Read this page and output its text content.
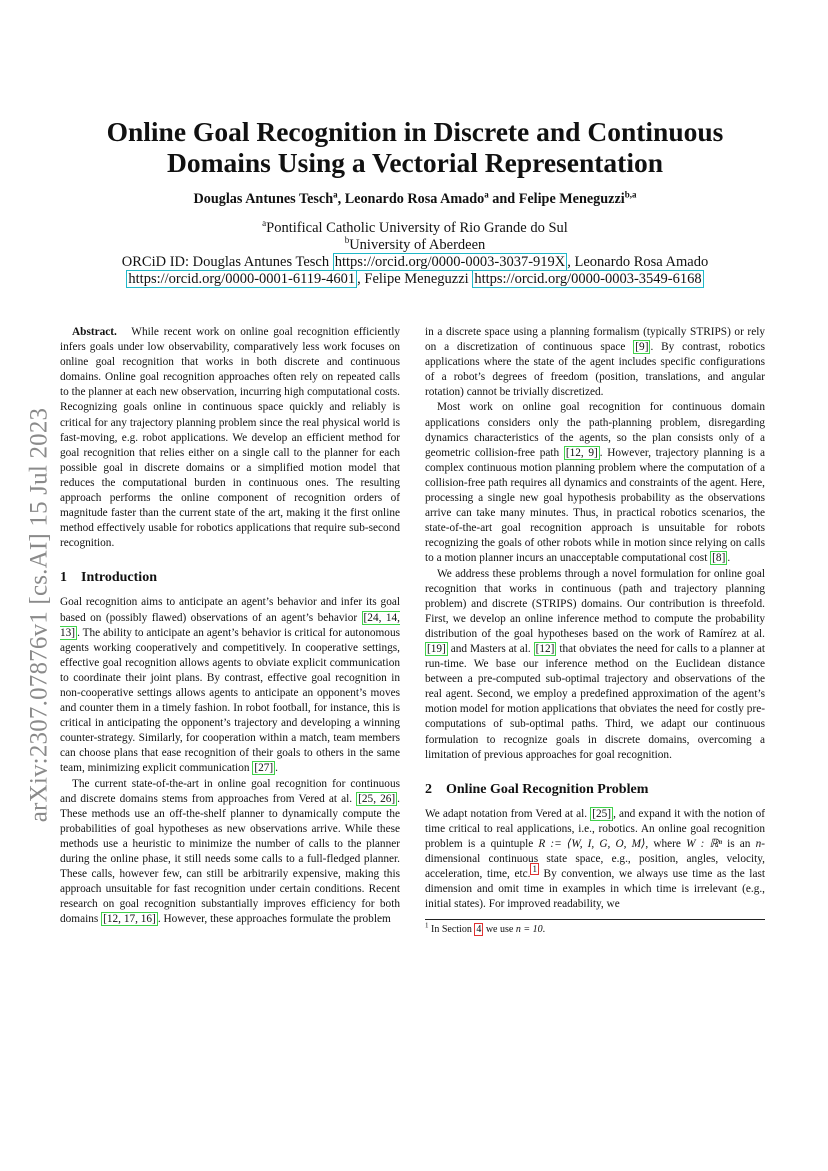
arXiv:2307.07876v1 [cs.AI] 15 Jul 2023
Online Goal Recognition in Discrete and Continuous
Domains Using a Vectorial Representation
Douglas Antunes Tesch$^a$, Leonardo Rosa Amado$^a$ and Felipe Meneguzzi$^{b,a}$
$^a$Pontifical Catholic University of Rio Grande do Sul
$^b$University of Aberdeen
ORCiD ID: Douglas Antunes Tesch https://orcid.org/0000-0003-3037-919X , Leonardo Rosa Amado https://orcid.org/0000-0001-6119-4601 , Felipe Meneguzzi https://orcid.org/0000-0003-3549-6168

Abstract. While recent work on online goal recognition efficiently infers goals under low observability, comparatively less work focuses on online goal recognition that works in both discrete and continuous domains. Online goal recognition approaches often rely on repeated calls to the planner at each new observation, incurring high computational costs. Recognizing goals online in continuous space quickly and reliably is critical for any trajectory planning problem since the real physical world is fast-moving, e.g. robot applications. We develop an efficient method for goal recognition that relies either on a single call to the planner for each possible goal in discrete domains or a simplified motion model that reduces the computational burden in continuous ones. The resulting approach performs the online component of recognition orders of magnitude faster than the current state of the art, making it the first online method effectively usable for robotics applications that require sub-second recognition.

1 Introduction

Goal recognition aims to anticipate an agent’s behavior and infer its goal based on (possibly flawed) observations of an agent’s behavior [24, 14, 13] . The ability to anticipate an agent’s behavior is critical for autonomous agents working cooperatively and competitively. In cooperative settings, effective goal recognition allows agents to obviate explicit communication to coordinate their joint plans. By contrast, effective goal recognition in non-cooperative settings allows agents to anticipate an opponent’s moves and counter them in a timely fashion. In robot football, for instance, this is critical in anticipating the opponent’s trajectory and developing a winning counter-strategy. Similarly, for cooperation within a match, team members can choose plans that ease recognition of their goals to others in the same team, minimizing explicit communication [27] .

The current state-of-the-art in online goal recognition for continuous and discrete domains stems from approaches from Vered at al. [25, 26] . These methods use an off-the-shelf planner to dynamically compute the probabilities of goal hypotheses as new observations arrive. While these methods use a heuristic to minimize the number of calls to the planner during the online phase, it still needs some calls to a full-fledged planner. These calls, however few, can still be arbitrarily expensive, making this approach unsuitable for fast recognition under certain conditions. Recent research on goal recognition substantially improves efficiency for both domains [12, 17, 16] . However, these approaches formulate the problem

in a discrete space using a planning formalism (typically STRIPS) or rely on a discretization of continuous space [9] . By contrast, robotics applications where the state of the agent includes specific configurations of a robot’s degrees of freedom (position, translations, and angular rotation) cannot be trivially discretized.

Most work on online goal recognition for continuous domain applications considers only the path-planning problem, disregarding dynamics characteristics of the agents, so the plan consists only of a geometric collision-free path [12, 9] . However, trajectory planning is a complex continuous motion planning problem where the computation of a collision-free path requires all dynamics and constraints of the agent. Here, processing a single new goal hypothesis probability as the observations arrive can take many minutes. Thus, in practical robotics scenarios, the state-of-the-art goal recognition approach is unsuitable for robots recognizing the goals of other robots while in motion since relying on calls to a motion planner incurs an unacceptable computational cost [8] .

We address these problems through a novel formulation for online goal recognition that works in continuous (path and trajectory planning problem) and discrete (STRIPS) domains. Our contribution is threefold. First, we develop an online inference method to compute the probability distribution of the goal hypotheses based on the work of Ramírez at al. [19] and Masters at al. [12] that obviates the need for calls to a planner at run-time. We base our inference method on the Euclidean distance between a pre-computed sub-optimal trajectory and observations of the real agent. Second, we employ a predefined approximation of the agent’s motion model for motion applications that obviates the need for costly pre-computations of sub-optimal paths. Third, we adapt our continuous formulation to recognize goals in discrete domains, overcoming a limitation of previous approaches for goal recognition.

2 Online Goal Recognition Problem

We adapt notation from Vered at al. [25] , and expand it with the notion of time critical to real applications, i.e., robotics. An online goal recognition problem is a quintuple R := ⟨W, I, G, O, M⟩, where W : ℝⁿ is an n-dimensional continuous state space, e.g., position, angles, velocity, acceleration, time, etc. $^1$ By convention, we always use time as the last dimension and omit time in examples in which time is irrelevant (e.g., initial states). For improved readability, we

$^1$ In Section 4 we use n = 10.
